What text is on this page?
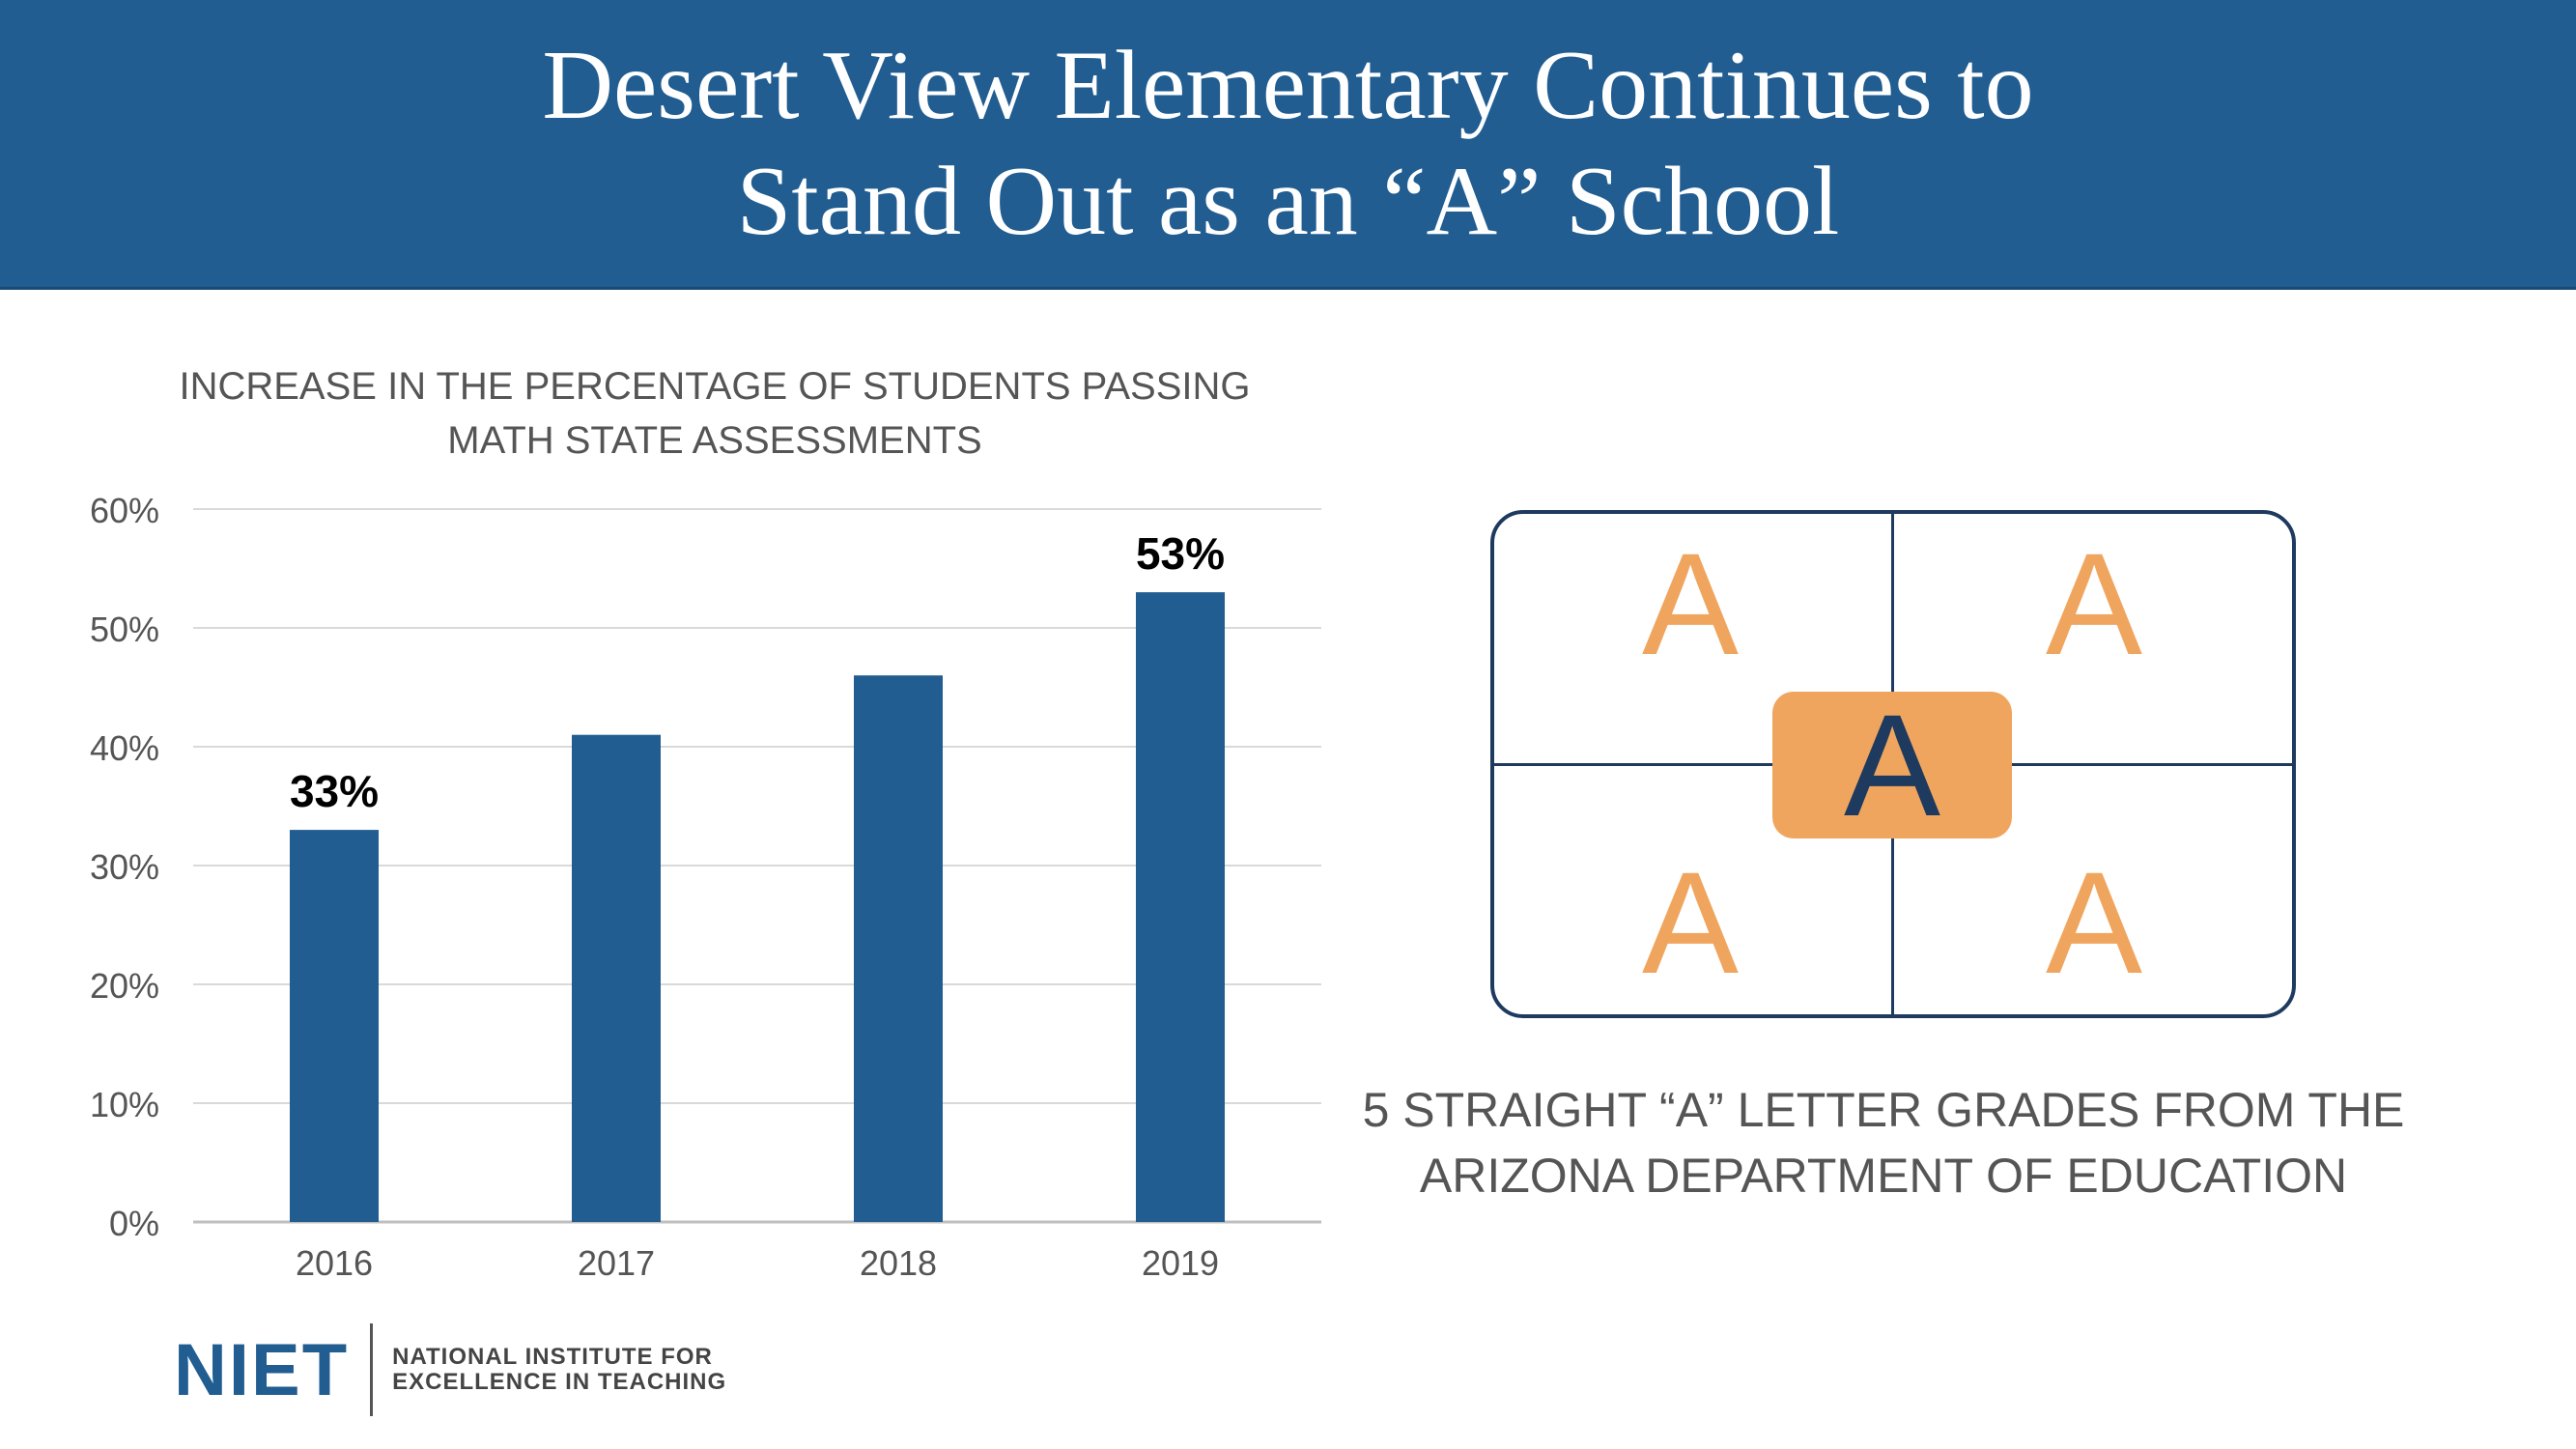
Desert View Elementary Continues to
Stand Out as an “A” School
INCREASE IN THE PERCENTAGE OF STUDENTS PASSING
MATH STATE ASSESSMENTS
0%
10%
20%
30%
40%
50%
60%
2016
33%
2017	2018	2019
53%	A	A
A	A
A
5 STRAIGHT “A” LETTER GRADES FROM THE
ARIZONA DEPARTMENT OF EDUCATION
NIET NATIONAL INSTITUTE FOR
EXCELLENCE IN TEACHING
